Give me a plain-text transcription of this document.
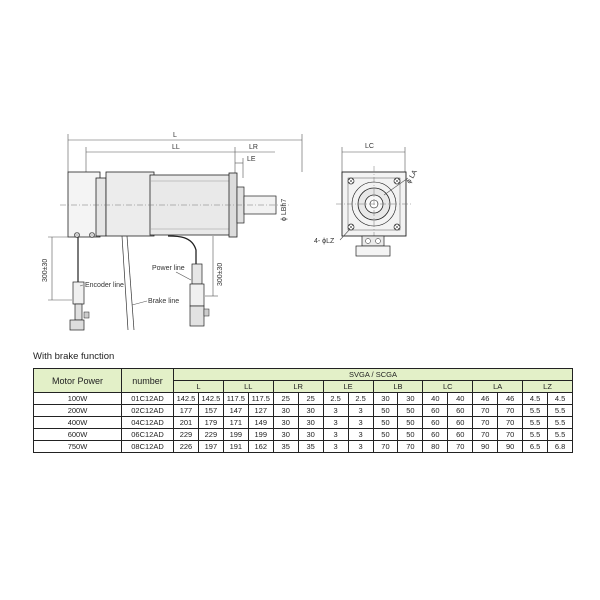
L
LL	LR
LE
ϕ LBh7
300±30	300±30
Power line
Encoder line
Brake line
LC
ϕ LA
4- ϕLZ
With brake function
Motor Power	number	SVGA / SCGA															
		L		LL		LR		LE		LB		LC		LA		LZ	
100W	01C12AD	142.5	142.5	117.5	117.5	25	25	2.5	2.5	30	30	40	40	46	46	4.5	4.5
200W	02C12AD	177	157	147	127	30	30	3	3	50	50	60	60	70	70	5.5	5.5
400W	04C12AD	201	179	171	149	30	30	3	3	50	50	60	60	70	70	5.5	5.5
600W	06C12AD	229	229	199	199	30	30	3	3	50	50	60	60	70	70	5.5	5.5
750W	08C12AD	226	197	191	162	35	35	3	3	70	70	80	70	90	90	6.5	6.8
